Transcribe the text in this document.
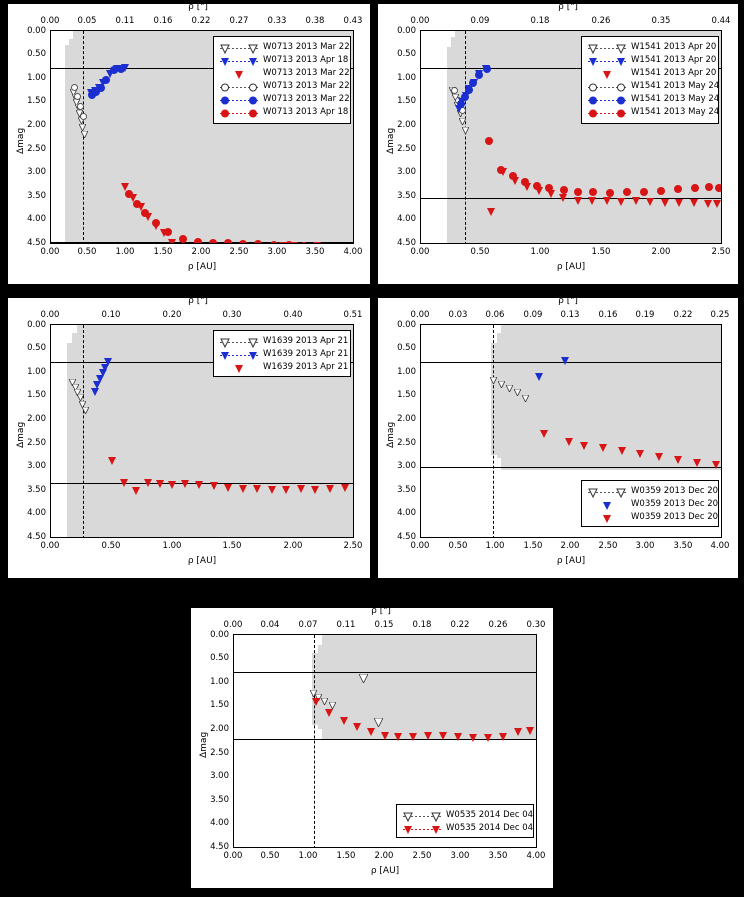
W0713 2013 Mar 22
W0713 2013 Apr 18
W0713 2013 Mar 22
W0713 2013 Mar 22
W0713 2013 Mar 22
W0713 2013 Apr 18
ρ ["]
ρ [AU]
Δmag
0.00	0.05	0.11	0.16	0.22	0.27	0.33	0.38	0.43
0.00	0.50	1.00	1.50	2.00	2.50	3.00	3.50	4.00
0.00
0.50
1.00
1.50
2.00
2.50
3.00
3.50
4.00
4.50
W1541 2013 Apr 20
W1541 2013 Apr 20
W1541 2013 Apr 20
W1541 2013 May 24
W1541 2013 May 24
W1541 2013 May 24
ρ ["]
ρ [AU]
Δmag
0.00	0.09	0.18	0.26	0.35	0.44
0.00	0.50	1.00	1.50	2.00	2.50
0.00
0.50
1.00
1.50
2.00
2.50
3.00
3.50
4.00
4.50
W1639 2013 Apr 21
W1639 2013 Apr 21
W1639 2013 Apr 21
ρ ["]
ρ [AU]
Δmag
0.00	0.10	0.20	0.30	0.40	0.51
0.00	0.50	1.00	1.50	2.00	2.50
0.00
0.50
1.00
1.50
2.00
2.50
3.00
3.50
4.00
4.50
W0359 2013 Dec 20
W0359 2013 Dec 20
W0359 2013 Dec 20
ρ ["]
ρ [AU]
Δmag
0.00	0.03	0.06	0.09	0.13	0.16	0.19	0.22	0.25
0.00	0.50	1.00	1.50	2.00	2.50	3.00	3.50	4.00
0.00
0.50
1.00
1.50
2.00
2.50
3.00
3.50
4.00
4.50
W0535 2014 Dec 04
W0535 2014 Dec 04
ρ ["]
ρ [AU]
Δmag
0.00	0.04	0.07	0.11	0.15	0.18	0.22	0.26	0.30
0.00	0.50	1.00	1.50	2.00	2.50	3.00	3.50	4.00
0.00
0.50
1.00
1.50
2.00
2.50
3.00
3.50
4.00
4.50
